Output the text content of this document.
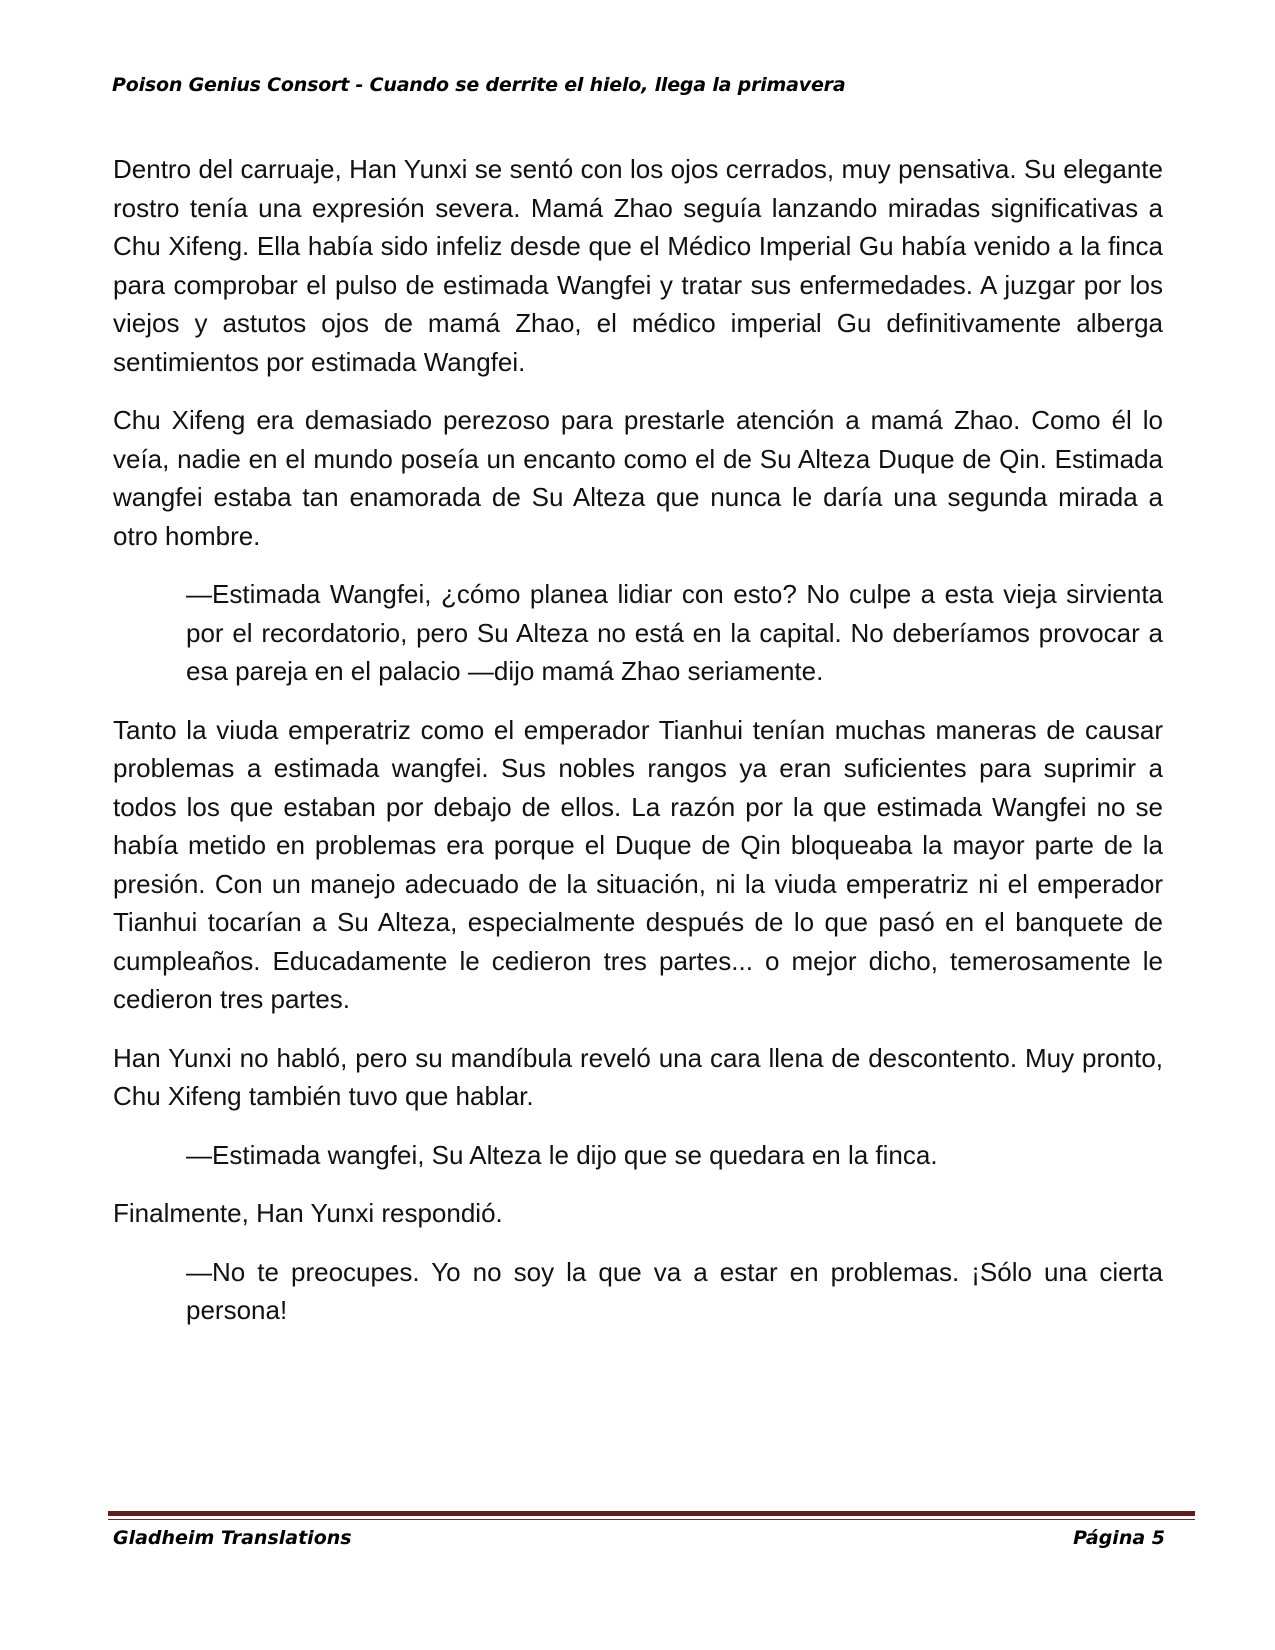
Poison Genius Consort - Cuando se derrite el hielo, llega la primavera

Dentro del carruaje, Han Yunxi se sentó con los ojos cerrados, muy pensativa. Su elegante rostro tenía una expresión severa. Mamá Zhao seguía lanzando miradas significativas a Chu Xifeng. Ella había sido infeliz desde que el Médico Imperial Gu había venido a la finca para comprobar el pulso de estimada Wangfei y tratar sus enfermedades. A juzgar por los viejos y astutos ojos de mamá Zhao, el médico imperial Gu definitivamente alberga sentimientos por estimada Wangfei.

Chu Xifeng era demasiado perezoso para prestarle atención a mamá Zhao. Como él lo veía, nadie en el mundo poseía un encanto como el de Su Alteza Duque de Qin. Estimada wangfei estaba tan enamorada de Su Alteza que nunca le daría una segunda mirada a otro hombre.

—Estimada Wangfei, ¿cómo planea lidiar con esto? No culpe a esta vieja sirvienta por el recordatorio, pero Su Alteza no está en la capital. No deberíamos provocar a esa pareja en el palacio —dijo mamá Zhao seriamente.

Tanto la viuda emperatriz como el emperador Tianhui tenían muchas maneras de causar problemas a estimada wangfei. Sus nobles rangos ya eran suficientes para suprimir a todos los que estaban por debajo de ellos. La razón por la que estimada Wangfei no se había metido en problemas era porque el Duque de Qin bloqueaba la mayor parte de la presión. Con un manejo adecuado de la situación, ni la viuda emperatriz ni el emperador Tianhui tocarían a Su Alteza, especialmente después de lo que pasó en el banquete de cumpleaños. Educadamente le cedieron tres partes... o mejor dicho, temerosamente le cedieron tres partes.

Han Yunxi no habló, pero su mandíbula reveló una cara llena de descontento. Muy pronto, Chu Xifeng también tuvo que hablar.

—Estimada wangfei, Su Alteza le dijo que se quedara en la finca.

Finalmente, Han Yunxi respondió.

—No te preocupes. Yo no soy la que va a estar en problemas. ¡Sólo una cierta persona!

Gladheim Translations	Página 5
